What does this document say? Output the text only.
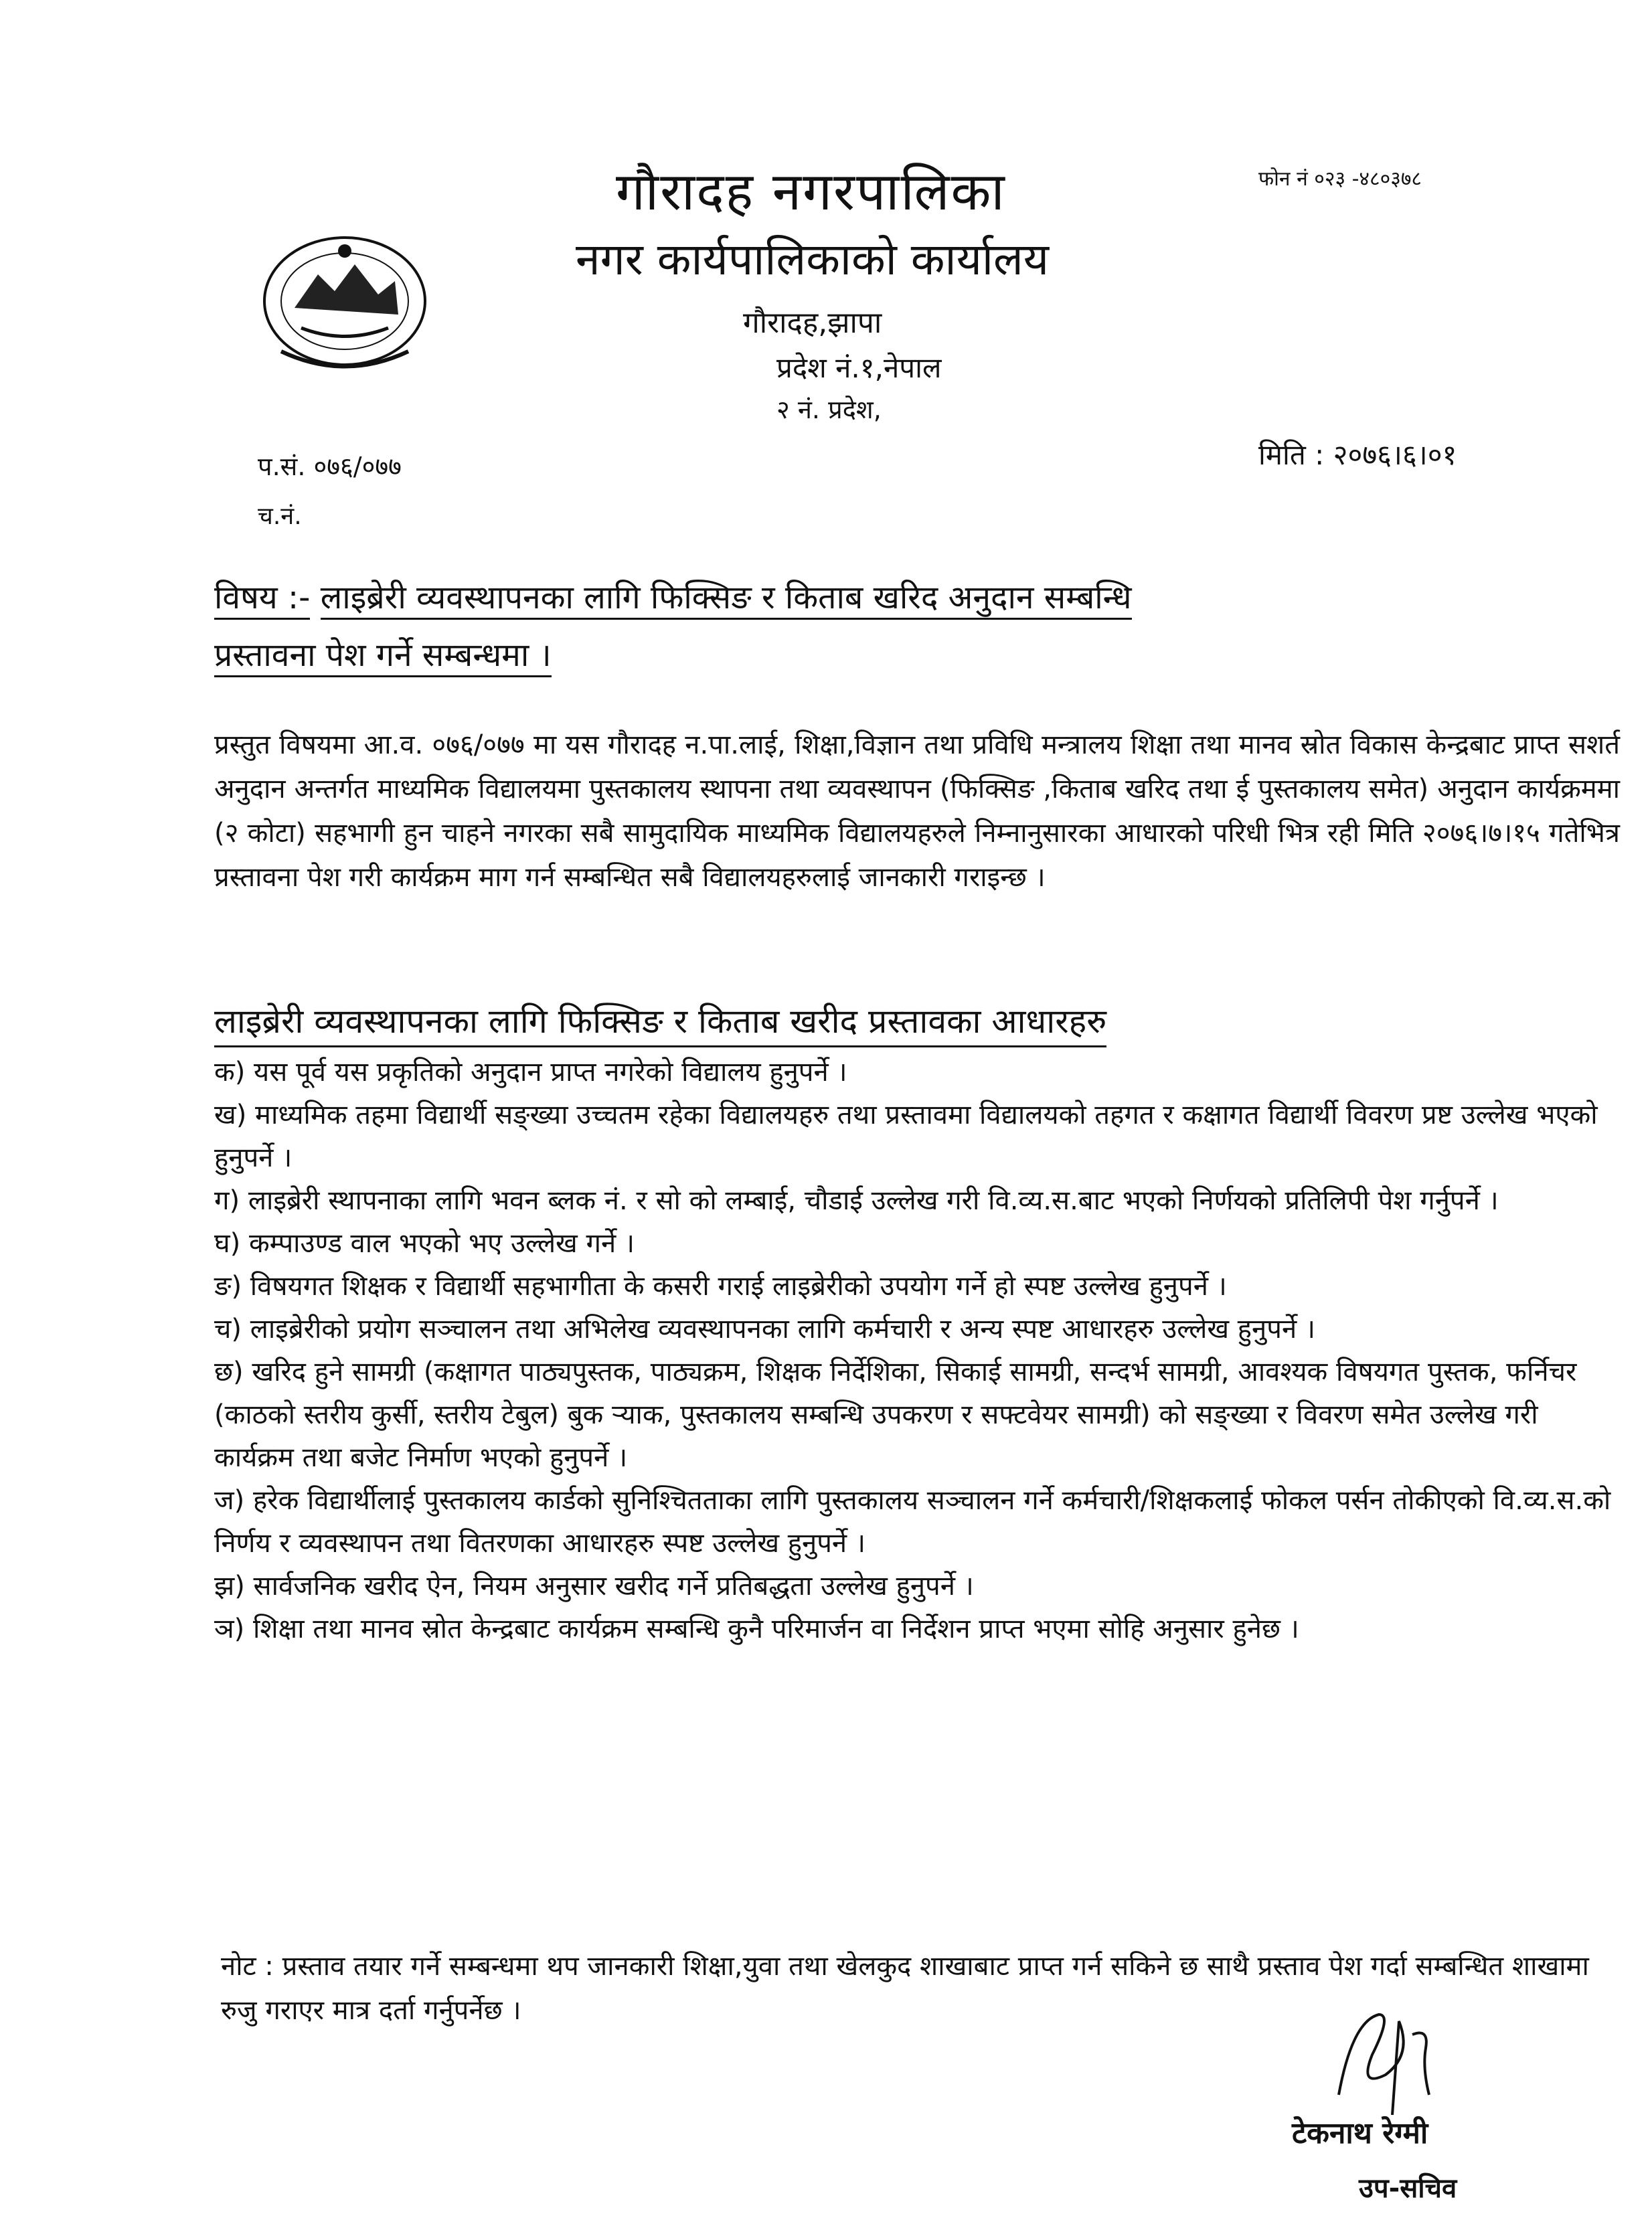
गौरादह नगरपालिका
नगर कार्यपालिकाको कार्यालय
गौरादह,झापा
प्रदेश नं.१,नेपाल
२ नं. प्रदेश,
फोन नं ०२३ -४८०३७८
मिति : २०७६।६।०१
प.सं. ०७६/०७७
च.नं.
विषय :- लाइब्रेरी व्यवस्थापनका लागि फिक्सिङ र किताब खरिद अनुदान सम्बन्धि
प्रस्तावना पेश गर्ने सम्बन्धमा ।
प्रस्तुत विषयमा आ.व. ०७६/०७७ मा यस गौरादह न.पा.लाई, शिक्षा,विज्ञान तथा प्रविधि मन्त्रालय शिक्षा तथा मानव स्रोत विकास केन्द्रबाट प्राप्त सशर्त अनुदान अन्तर्गत माध्यमिक विद्यालयमा पुस्तकालय स्थापना तथा व्यवस्थापन (फिक्सिङ ,किताब खरिद तथा ई पुस्तकालय समेत) अनुदान कार्यक्रममा (२ कोटा) सहभागी हुन चाहने नगरका सबै सामुदायिक माध्यमिक विद्यालयहरुले निम्नानुसारका आधारको परिधी भित्र रही मिति २०७६।७।१५ गतेभित्र प्रस्तावना पेश गरी कार्यक्रम माग गर्न सम्बन्धित सबै विद्यालयहरुलाई जानकारी गराइन्छ ।
लाइब्रेरी व्यवस्थापनका लागि फिक्सिङ र किताब खरीद प्रस्तावका आधारहरु

क) यस पूर्व यस प्रकृतिको अनुदान प्राप्त नगरेको विद्यालय हुनुपर्ने ।

ख) माध्यमिक तहमा विद्यार्थी सङ्ख्या उच्चतम रहेका विद्यालयहरु तथा प्रस्तावमा विद्यालयको तहगत र कक्षागत विद्यार्थी विवरण प्रष्ट उल्लेख भएको हुनुपर्ने ।

ग) लाइब्रेरी स्थापनाका लागि भवन ब्लक नं. र सो को लम्बाई, चौडाई उल्लेख गरी वि.व्य.स.बाट भएको निर्णयको प्रतिलिपी पेश गर्नुपर्ने ।

घ) कम्पाउण्ड वाल भएको भए उल्लेख गर्ने ।

ङ) विषयगत शिक्षक र विद्यार्थी सहभागीता के कसरी गराई लाइब्रेरीको उपयोग गर्ने हो स्पष्ट उल्लेख हुनुपर्ने ।

च) लाइब्रेरीको प्रयोग सञ्चालन तथा अभिलेख व्यवस्थापनका लागि कर्मचारी र अन्य स्पष्ट आधारहरु उल्लेख हुनुपर्ने ।

छ) खरिद हुने सामग्री (कक्षागत पाठ्यपुस्तक, पाठ्यक्रम, शिक्षक निर्देशिका, सिकाई सामग्री, सन्दर्भ सामग्री, आवश्यक विषयगत पुस्तक, फर्निचर (काठको स्तरीय कुर्सी, स्तरीय टेबुल) बुक ऱ्याक, पुस्तकालय सम्बन्धि उपकरण र सफ्टवेयर सामग्री) को सङ्ख्या र विवरण समेत उल्लेख गरी कार्यक्रम तथा बजेट निर्माण भएको हुनुपर्ने ।

ज) हरेक विद्यार्थीलाई पुस्तकालय कार्डको सुनिश्चितताका लागि पुस्तकालय सञ्चालन गर्ने कर्मचारी/शिक्षकलाई फोकल पर्सन तोकीएको वि.व्य.स.को निर्णय र व्यवस्थापन तथा वितरणका आधारहरु स्पष्ट उल्लेख हुनुपर्ने ।

झ) सार्वजनिक खरीद ऐन, नियम अनुसार खरीद गर्ने प्रतिबद्धता उल्लेख हुनुपर्ने ।

ञ) शिक्षा तथा मानव स्रोत केन्द्रबाट कार्यक्रम सम्बन्धि कुनै परिमार्जन वा निर्देशन प्राप्त भएमा सोहि अनुसार हुनेछ ।

नोट : प्रस्ताव तयार गर्ने सम्बन्धमा थप जानकारी शिक्षा,युवा तथा खेलकुद शाखाबाट प्राप्त गर्न सकिने छ साथै प्रस्ताव पेश गर्दा सम्बन्धित शाखामा रुजु गराएर मात्र दर्ता गर्नुपर्नेछ ।
टेकनाथ रेग्मी
उप-सचिव
